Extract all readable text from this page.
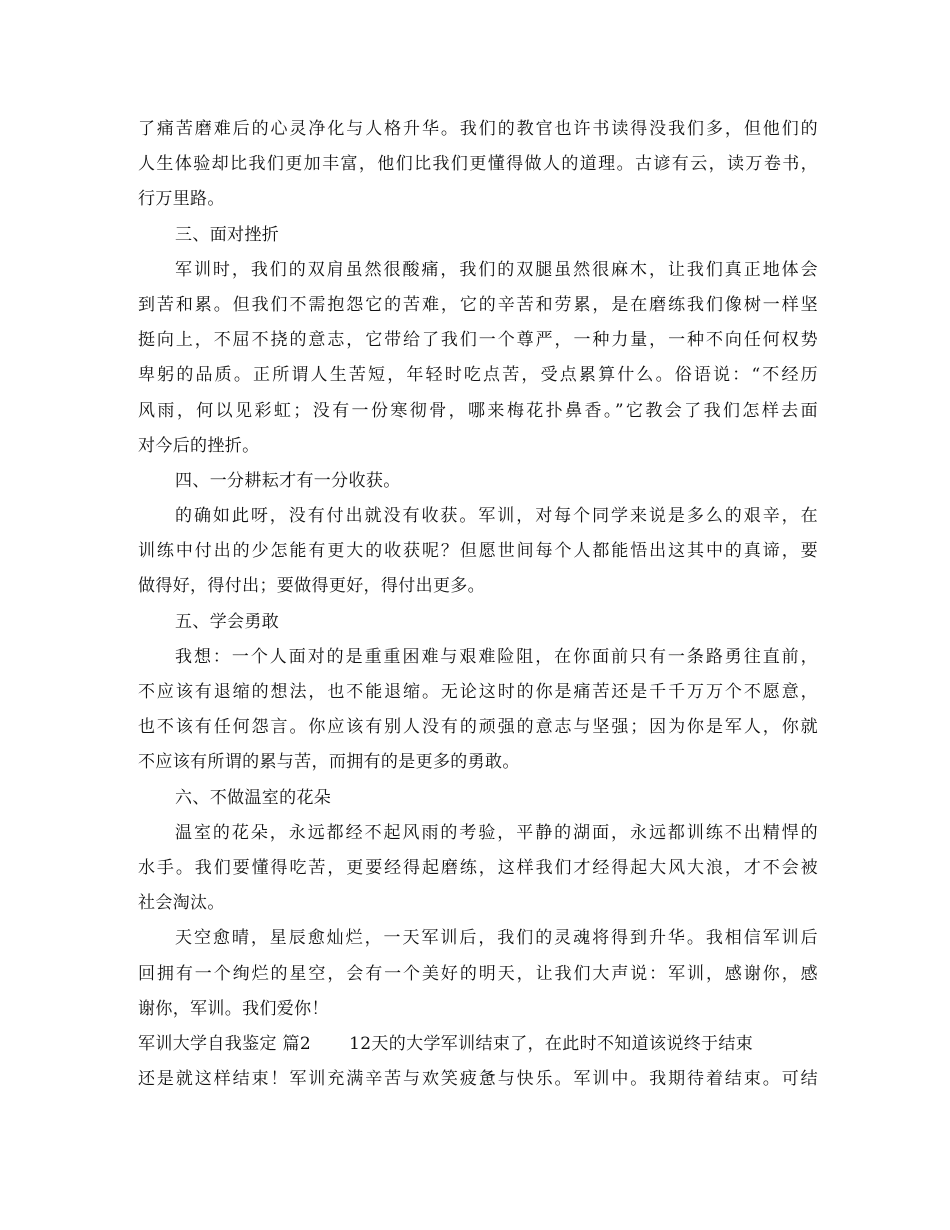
了痛苦磨难后的心灵净化与人格升华。我们的教官也许书读得没我们多，但他们的
人生体验却比我们更加丰富，他们比我们更懂得做人的道理。古谚有云，读万卷书，
行万里路。
三、面对挫折
军训时，我们的双肩虽然很酸痛，我们的双腿虽然很麻木，让我们真正地体会
到苦和累。但我们不需抱怨它的苦难，它的辛苦和劳累，是在磨练我们像树一样坚
挺向上，不屈不挠的意志，它带给了我们一个尊严，一种力量，一种不向任何权势
卑躬的品质。正所谓人生苦短，年轻时吃点苦，受点累算什么。俗语说：“不经历
风雨，何以见彩虹；没有一份寒彻骨，哪来梅花扑鼻香。”它教会了我们怎样去面
对今后的挫折。
四、一分耕耘才有一分收获。
的确如此呀，没有付出就没有收获。军训，对每个同学来说是多么的艰辛，在
训练中付出的少怎能有更大的收获呢？但愿世间每个人都能悟出这其中的真谛，要
做得好，得付出；要做得更好，得付出更多。
五、学会勇敢
我想：一个人面对的是重重困难与艰难险阻，在你面前只有一条路勇往直前，
不应该有退缩的想法，也不能退缩。无论这时的你是痛苦还是千千万万个不愿意，
也不该有任何怨言。你应该有别人没有的顽强的意志与坚强；因为你是军人，你就
不应该有所谓的累与苦，而拥有的是更多的勇敢。
六、不做温室的花朵
温室的花朵，永远都经不起风雨的考验，平静的湖面，永远都训练不出精悍的
水手。我们要懂得吃苦，更要经得起磨练，这样我们才经得起大风大浪，才不会被
社会淘汰。
天空愈晴，星辰愈灿烂，一天军训后，我们的灵魂将得到升华。我相信军训后
回拥有一个绚烂的星空，会有一个美好的明天，让我们大声说：军训，感谢你，感
谢你，军训。我们爱你！
军训大学自我鉴定 篇2 12天的大学军训结束了，在此时不知道该说终于结束
还是就这样结束！军训充满辛苦与欢笑疲惫与快乐。军训中。我期待着结束。可结
